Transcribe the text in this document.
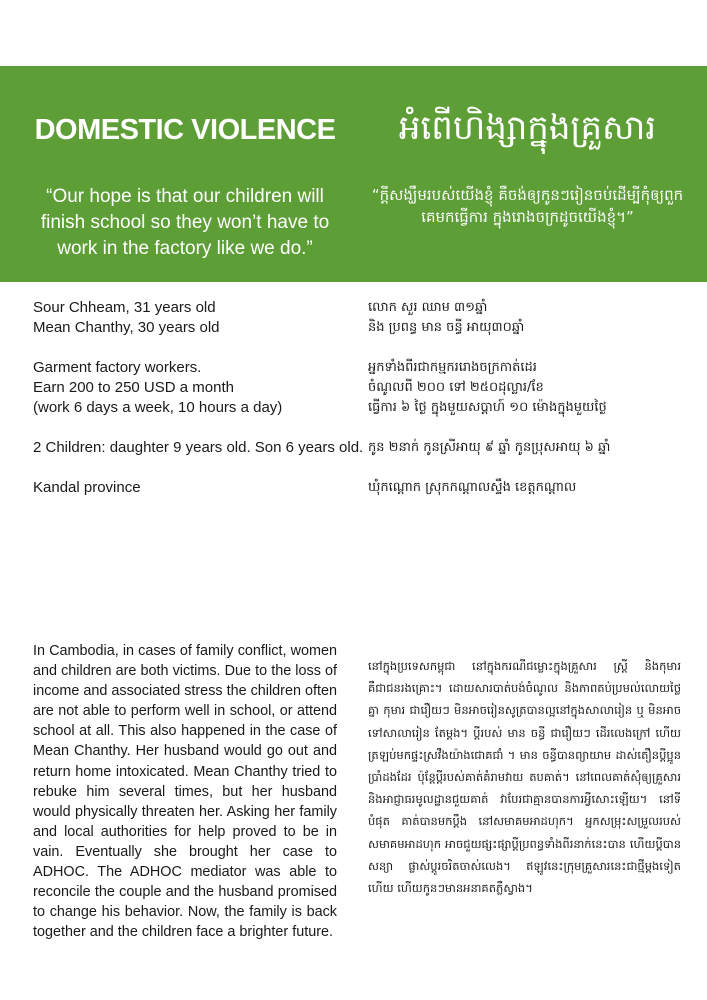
DOMESTIC VIOLENCE	អំពើហិង្សាក្នុងគ្រួសារ
“Our hope is that our children will finish school so they won’t have to work in the factory like we do.”
“ក្តីសង្ឃឹមរបស់យើងខ្ញុំ គឺចង់ឲ្យកូនៗរៀនចប់ដើម្បីកុំឲ្យពួកគេមកធ្វើការ ក្នុងរោងចក្រដូចយើងខ្ញុំ។”
Sour Chheam, 31 years old
Mean Chanthy, 30 years old
Garment factory workers.
Earn 200 to 250 USD a month
(work 6 days a week, 10 hours a day)
2 Children: daughter 9 years old. Son 6 years old.
Kandal province
លោក សួរ ឈាម ៣១ឆ្នាំ
និង ប្រពន្ធ មាន ចន្ធី អាយុ៣០ឆ្នាំ
អ្នកទាំងពីរជាកម្មកររោងចក្រកាត់ដេរ
ចំណូលពី ២០០ ទៅ ២៥០ដុល្លារ/ខែ
ធ្វើការ ៦ ថ្ងៃ ក្នុងមួយសប្តាហ៍ ១០ ម៉ោងក្នុងមួយថ្ងៃ
កូន ២នាក់ កូនស្រីអាយុ ៩ ឆ្នាំ កូនប្រុសអាយុ ៦ ឆ្នាំ
ឃុំកណ្តោក ស្រុកកណ្តាលស្ទឹង ខេត្តកណ្តាល
In Cambodia, in cases of family conflict, women and children are both victims. Due to the loss of income and associated stress the children often are not able to perform well in school, or attend school at all. This also happened in the case of Mean Chanthy. Her husband would go out and return home intoxicated. Mean Chanthy tried to rebuke him several times, but her husband would physically threaten her. Asking her family and local authorities for help proved to be in vain. Eventually she brought her case to ADHOC. The ADHOC mediator was able to reconcile the couple and the husband promised to change his behavior. Now, the family is back together and the children face a brighter future.
នៅក្នុងប្រទេសកម្ពុជា នៅក្នុងករណីជម្លោះក្នុងគ្រួសារ ស្ត្រី និងកុមារគឺជាជនរងគ្រោះ។ ដោយសារបាត់បង់ចំណូល និងភាពតប់ប្រមល់លោយថ្លៃគ្នា កុមារ ជារឿយៗ មិនអាចរៀនសូត្របានល្អនៅក្នុងសាលារៀន ឬ មិនអាចទៅសាលារៀន តែម្តង។ ប្តីរបស់ មាន ចន្ធី ជារឿយៗ ដើរលេងក្រៅ ហើយត្រឡប់មកផ្ទះស្រវឹងយ៉ាងជោគជាំ ។ មាន ចន្ធីបានព្យាយាម ដាស់តឿនប្តីប្អូនប្រាំដងដែរ ប៉ុន្តែប្តីរបស់គាត់គំរាមវាយ តបគាត់។ នៅពេលគាត់សុំឲ្យគ្រួសារ និងអាជ្ញាធរមូលដ្ឋានជួយគាត់ វាបែរជាគ្មានបានការអ្វីសោះឡើយ។ នៅទីបំផុត គាត់បានមកប្តឹង នៅសមាគមអាដហុក។ អ្នកសម្រុះសម្រួលរបស់សមាគមអាដហុក អាចជួយផ្សះផ្សាប្តីប្រពន្ធទាំងពីរនាក់នេះបាន ហើយប្តីបានសន្យា ផ្លាស់ប្តូរចរិតចាស់លេង។ ឥឡូវនេះក្រុមគ្រួសារនេះជាថ្មីម្តងទៀតហើយ ហើយកូនៗមានអនាគតភ្លឺស្វាង។
